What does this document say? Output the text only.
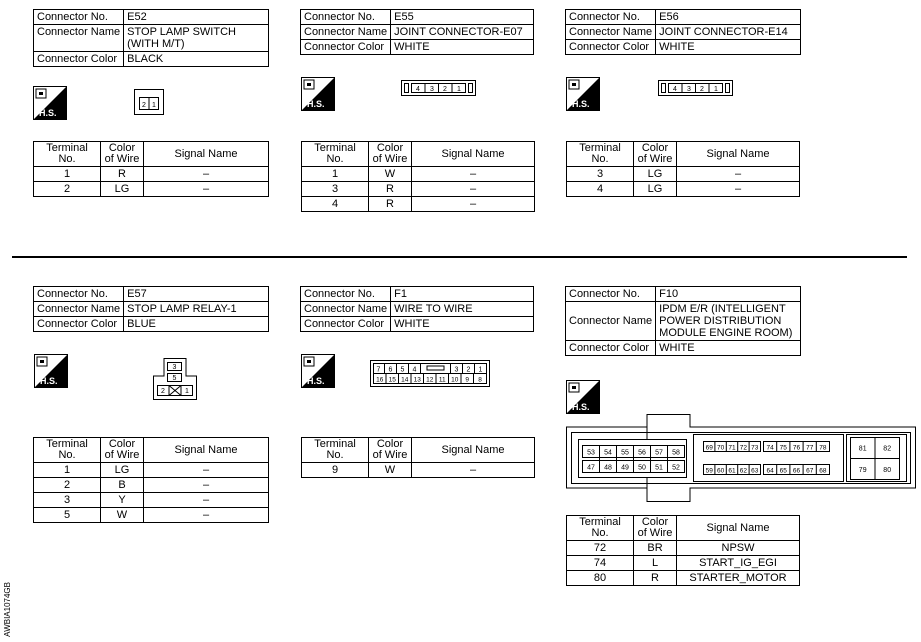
Connector No.	E52
Connector Name	STOP LAMP SWITCH (WITH M/T)
Connector Color	BLACK
H.S.
2 1
Terminal No.	Color of Wire	Signal Name
1	R	–
2	LG	–
Connector No.	E55
Connector Name	JOINT CONNECTOR-E07
Connector Color	WHITE
H.S.
4 3 2 1
Terminal No.	Color of Wire	Signal Name
1	W	–
3	R	–
4	R	–
Connector No.	E56
Connector Name	JOINT CONNECTOR-E14
Connector Color	WHITE
H.S.
4 3 2 1
Terminal No.	Color of Wire	Signal Name
3	LG	–
4	LG	–
Connector No.	E57
Connector Name	STOP LAMP RELAY-1
Connector Color	BLUE
H.S.
3
5
2	1
Terminal No.	Color of Wire	Signal Name
1	LG	–
2	B	–
3	Y	–
5	W	–
Connector No.	F1
Connector Name	WIRE TO WIRE
Connector Color	WHITE
H.S.
7 6 5 4	3 2 1
16 15 14 13 12 11 10 9 8
Terminal No.	Color of Wire	Signal Name
9	W	–
Connector No.	F10
Connector Name	IPDM E/R (INTELLIGENT POWER DISTRIBUTION MODULE ENGINE ROOM)
Connector Color	WHITE
H.S.
53 54 55 56 57 58
47 48 49 50 51 52
69 70 71 72 73 74 75 76 77 78
59 60 61 62 63 64 65 66 67 68
81 82
79 80
Terminal No.	Color of Wire	Signal Name
72	BR	NPSW
74	L	START_IG_EGI
80	R	STARTER_MOTOR
AWBIA1074GB
